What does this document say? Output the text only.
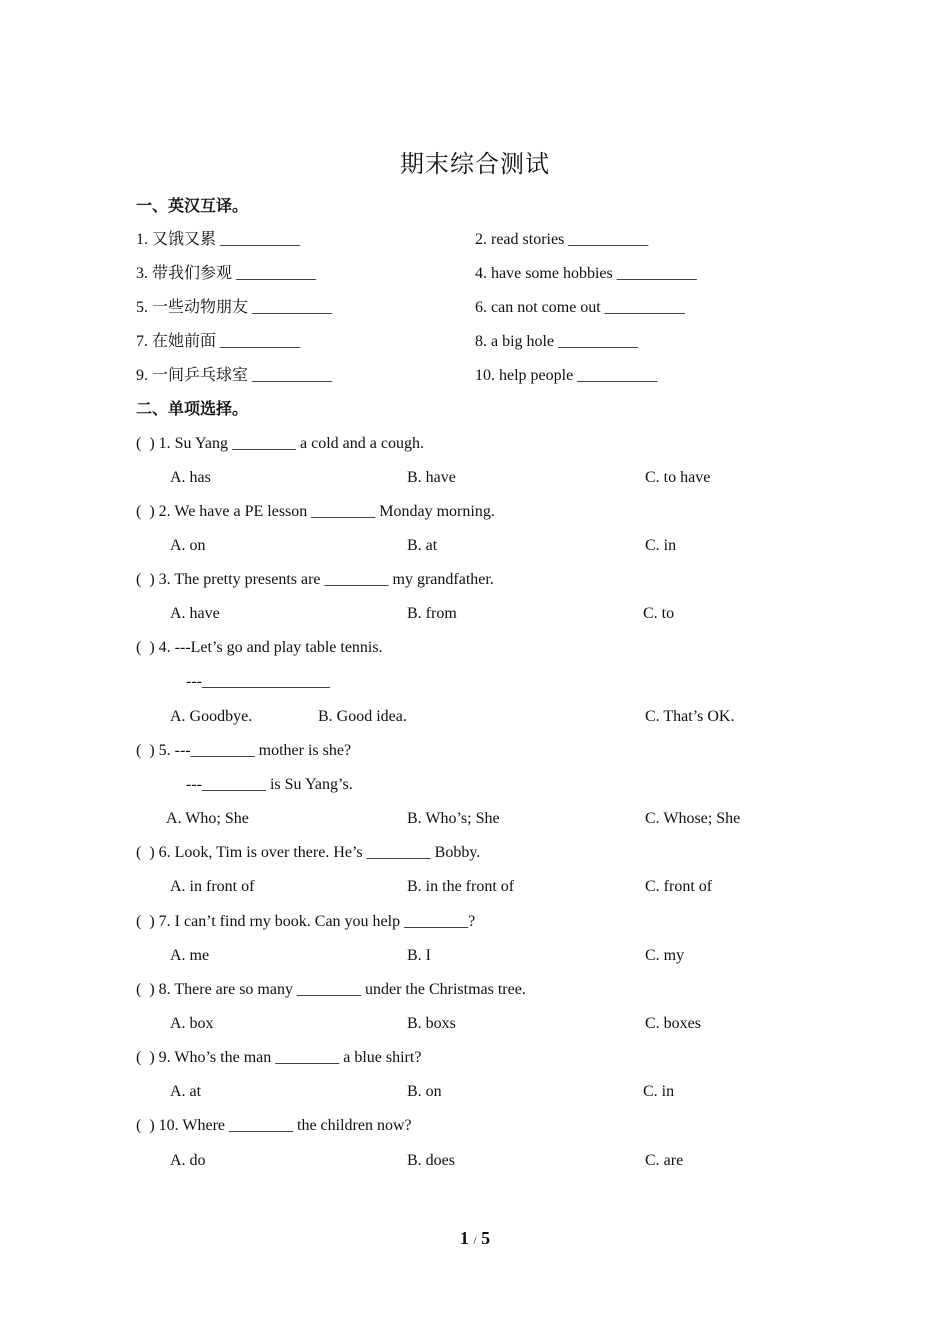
期末综合测试
一、英汉互译。
1. 又饿又累 __________	2. read stories __________
3. 带我们参观 __________	4. have some hobbies __________
5. 一些动物朋友 __________	6. can not come out __________
7. 在她前面 __________	8. a big hole __________
9. 一间乒乓球室 __________	10. help people __________
二、单项选择。
(  ) 1. Su Yang ________ a cold and a cough.
A. has	B. have	C. to have
(  ) 2. We have a PE lesson ________ Monday morning.
A. on	B. at	C. in
(  ) 3. The pretty presents are ________ my grandfather.
A. have	B. from	C. to
(  ) 4. ---Let’s go and play table tennis.
---________________
A. Goodbye.	B. Good idea.	C. That’s OK.
(  ) 5. ---________ mother is she?
---________ is Su Yang’s.
A. Who; She	B. Who’s; She	C. Whose; She
(  ) 6. Look, Tim is over there. He’s ________ Bobby.
A. in front of	B. in the front of	C. front of
(  ) 7. I can’t find rny book. Can you help ________?
A. me	B. I	C. my
(  ) 8. There are so many ________ under the Christmas tree.
A. box	B. boxs	C. boxes
(  ) 9. Who’s the man ________ a blue shirt?
A. at	B. on	C. in
(  ) 10. Where ________ the children now?
A. do	B. does	C. are
1 / 5
